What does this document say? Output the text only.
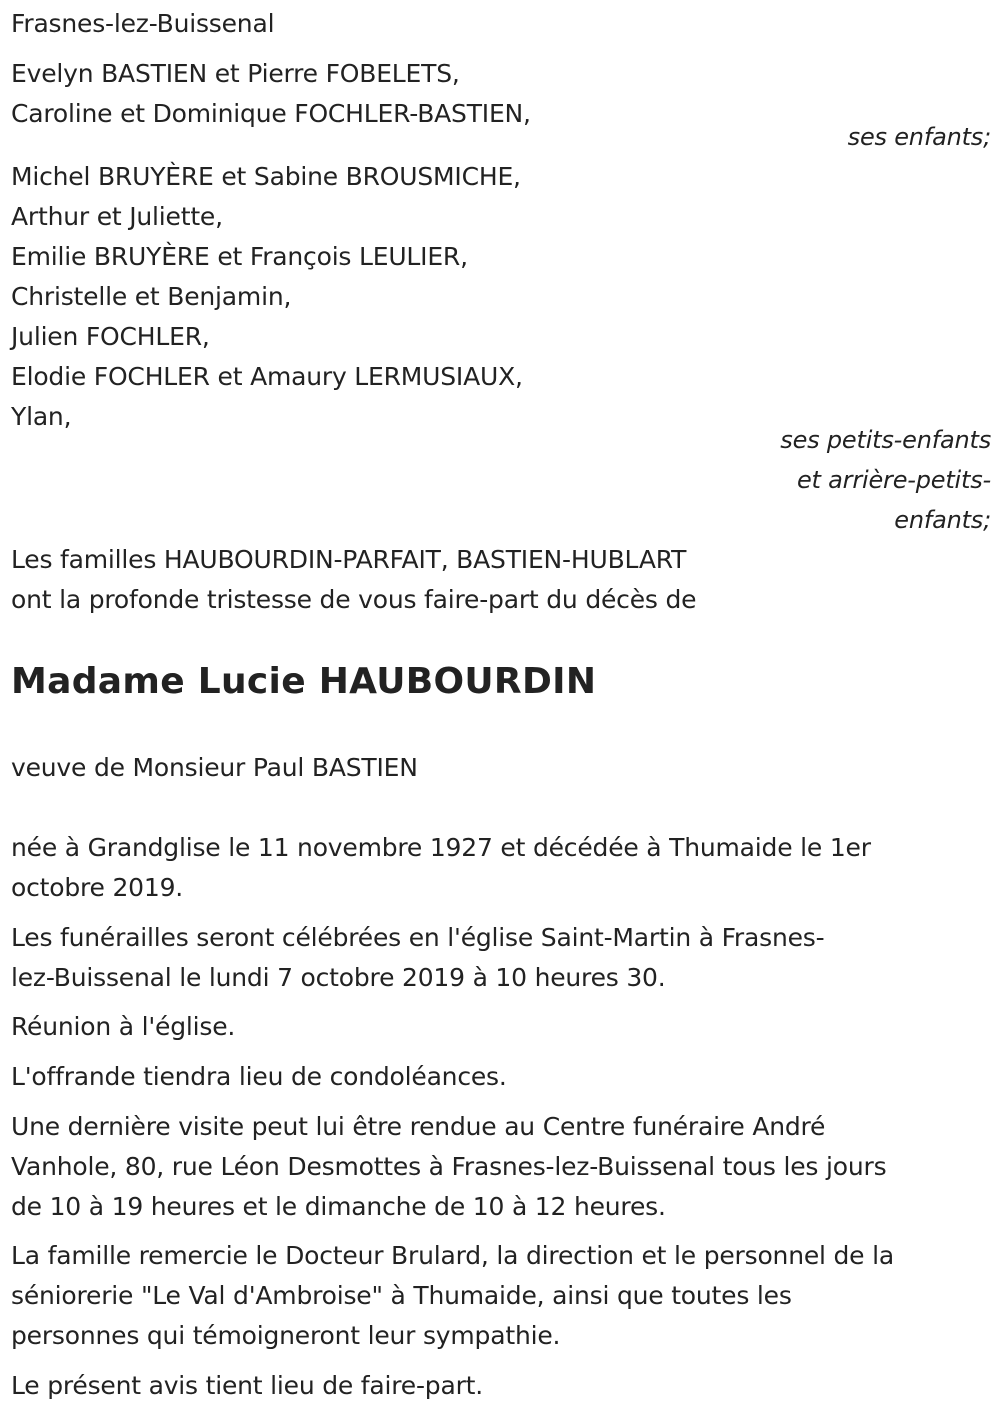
Frasnes-lez-Buissenal
Evelyn BASTIEN et Pierre FOBELETS,
Caroline et Dominique FOCHLER-BASTIEN,
ses enfants;
Michel BRUYÈRE et Sabine BROUSMICHE,
Arthur et Juliette,
Emilie BRUYÈRE et François LEULIER,
Christelle et Benjamin,
Julien FOCHLER,
Elodie FOCHLER et Amaury LERMUSIAUX,
Ylan,
ses petits-enfants
et arrière-petits-
enfants;
Les familles HAUBOURDIN-PARFAIT, BASTIEN-HUBLART
ont la profonde tristesse de vous faire-part du décès de
Madame Lucie HAUBOURDIN
veuve de Monsieur Paul BASTIEN
née à Grandglise le 11 novembre 1927 et décédée à Thumaide le 1er
octobre 2019.
Les funérailles seront célébrées en l'église Saint-Martin à Frasnes-
lez-Buissenal le lundi 7 octobre 2019 à 10 heures 30.
Réunion à l'église.
L'offrande tiendra lieu de condoléances.
Une dernière visite peut lui être rendue au Centre funéraire André
Vanhole, 80, rue Léon Desmottes à Frasnes-lez-Buissenal tous les jours
de 10 à 19 heures et le dimanche de 10 à 12 heures.
La famille remercie le Docteur Brulard, la direction et le personnel de la
séniorerie "Le Val d'Ambroise" à Thumaide, ainsi que toutes les
personnes qui témoigneront leur sympathie.
Le présent avis tient lieu de faire-part.
